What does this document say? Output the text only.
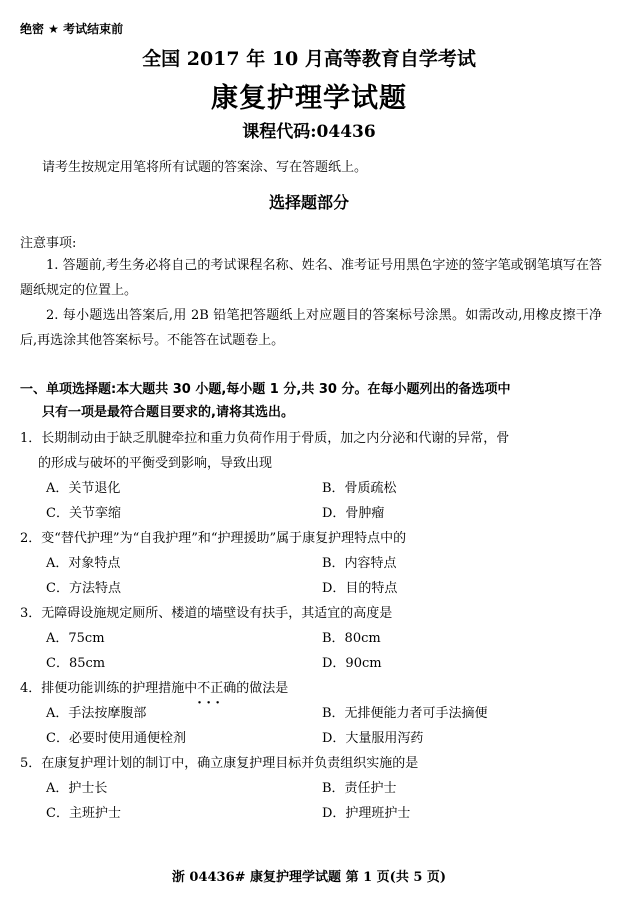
绝密 ★ 考试结束前
全国 2017 年 10 月高等教育自学考试
康复护理学试题
课程代码:04436
请考生按规定用笔将所有试题的答案涂、写在答题纸上。
选择题部分
注意事项:

1. 答题前,考生务必将自己的考试课程名称、姓名、准考证号用黑色字迹的签字笔或钢笔填写在答题纸规定的位置上。

2. 每小题选出答案后,用 2B 铅笔把答题纸上对应题目的答案标号涂黑。如需改动,用橡皮擦干净后,再选涂其他答案标号。不能答在试题卷上。

一、单项选择题:本大题共 30 小题,每小题 1 分,共 30 分。在每小题列出的备选项中
只有一项是最符合题目要求的,请将其选出。
1．长期制动由于缺乏肌腱牵拉和重力负荷作用于骨质，加之内分泌和代谢的异常，骨
的形成与破坏的平衡受到影响，导致出现
A．关节退化	B．骨质疏松
C．关节挛缩	D．骨肿瘤
2．变“替代护理”为“自我护理”和“护理援助”属于康复护理特点中的
A．对象特点	B．内容特点
C．方法特点	D．目的特点
3．无障碍设施规定厕所、楼道的墙壁设有扶手，其适宜的高度是
A．75cm	B．80cm
C．85cm	D．90cm
4．排便功能训练的护理措施中不正确 · · ·的做法是
A．手法按摩腹部	B．无排便能力者可手法摘便
C．必要时使用通便栓剂	D．大量服用泻药
5．在康复护理计划的制订中，确立康复护理目标并负责组织实施的是
A．护士长	B．责任护士
C．主班护士	D．护理班护士
浙 04436# 康复护理学试题 第 1 页(共 5 页)
